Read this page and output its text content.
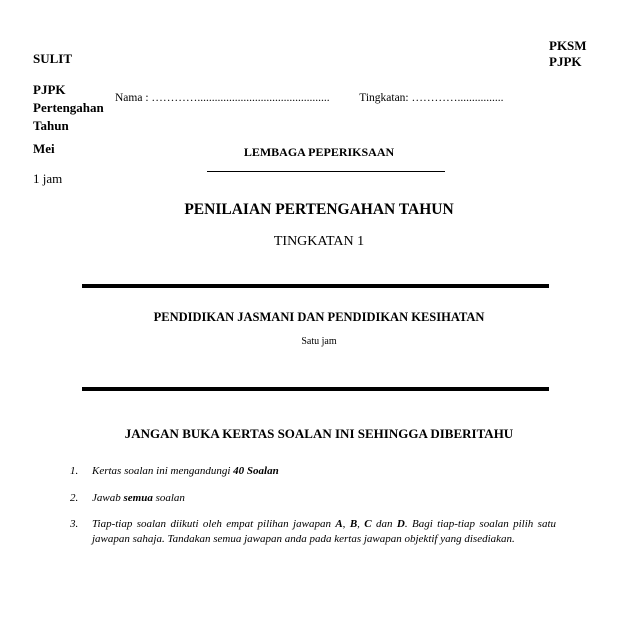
SULIT
PJPK
Pertengahan
Tahun
Mei
1 jam
PKSM
PJPK
Nama : …………..............................................	Tingkatan: …………................
LEMBAGA PEPERIKSAAN
PENILAIAN PERTENGAHAN TAHUN
TINGKATAN 1
PENDIDIKAN JASMANI DAN PENDIDIKAN KESIHATAN
Satu jam
JANGAN BUKA KERTAS SOALAN INI SEHINGGA DIBERITAHU
1. Kertas soalan ini mengandungi 40 Soalan
2. Jawab semua soalan
3. Tiap-tiap soalan diikuti oleh empat pilihan jawapan A, B, C dan D. Bagi tiap-tiap soalan pilih satu jawapan sahaja. Tandakan semua jawapan anda pada kertas jawapan objektif yang disediakan.
